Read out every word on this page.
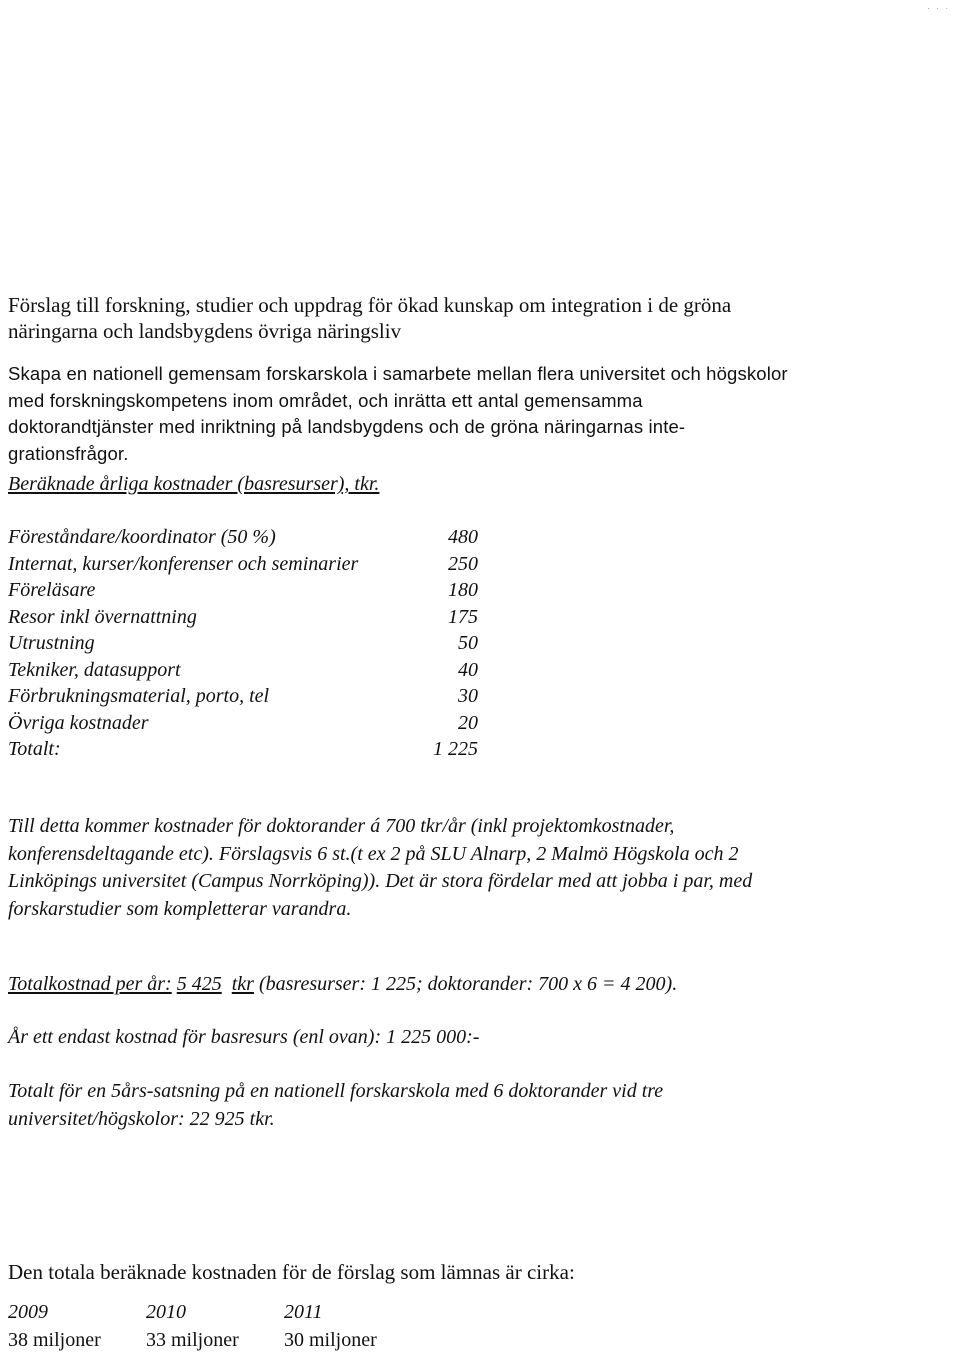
. . .
Förslag till forskning, studier och uppdrag för ökad kunskap om integration i de gröna
näringarna och landsbygdens övriga näringsliv

Skapa en nationell gemensam forskarskola i samarbete mellan flera universitet och högskolor
med forskningskompetens inom området, och inrätta ett antal gemensamma
doktorandtjänster med inriktning på landsbygdens och de gröna näringarnas inte-
grationsfrågor.

Beräknade årliga kostnader (basresurser), tkr.

Föreståndare/koordinator (50 %)	480
Internat, kurser/konferenser och seminarier	250
Föreläsare	180
Resor inkl övernattning	175
Utrustning	50
Tekniker, datasupport	40
Förbrukningsmaterial, porto, tel	30
Övriga kostnader	20
Totalt:	1 225

Till detta kommer kostnader för doktorander á 700 tkr/år (inkl projektomkostnader,
konferensdeltagande etc). Förslagsvis 6 st.(t ex 2 på SLU Alnarp, 2 Malmö Högskola och 2
Linköpings universitet (Campus Norrköping)). Det är stora fördelar med att jobba i par, med
forskarstudier som kompletterar varandra.

Totalkostnad per år: 5 425 tkr (basresurser: 1 225; doktorander: 700 x 6 = 4 200).

År ett endast kostnad för basresurs (enl ovan): 1 225 000:-

Totalt för en 5års-satsning på en nationell forskarskola med 6 doktorander vid tre
universitet/högskolor: 22 925 tkr.

Den totala beräknade kostnaden för de förslag som lämnas är cirka:

2009	2010	2011
38 miljoner	33 miljoner	30 miljoner
